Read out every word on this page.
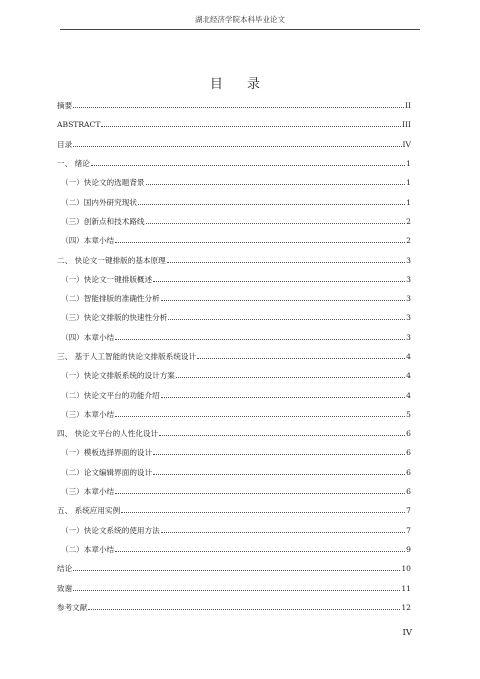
湖北经济学院本科毕业论文
目 录
摘要	II
ABSTRACT	III
目录	IV
一、 绪论	1
（一）快论文的选题背景	1
（二）国内外研究现状	1
（三）创新点和技术路线	2
（四）本章小结	2
二、 快论文一键排版的基本原理	3
（一）快论文一键排版概述	3
（二）智能排版的准确性分析	3
（三）快论文排版的快速性分析	3
（四）本章小结	3
三、 基于人工智能的快论文排版系统设计	4
（一）快论文排版系统的设计方案	4
（二）快论文平台的功能介绍	4
（三）本章小结	5
四、 快论文平台的人性化设计	6
（一）模板选择界面的设计	6
（二）论文编辑界面的设计	6
（三）本章小结	6
五、 系统应用实例	7
（一）快论文系统的使用方法	7
（二）本章小结	9
结论	10
致谢	11
参考文献	12
IV
